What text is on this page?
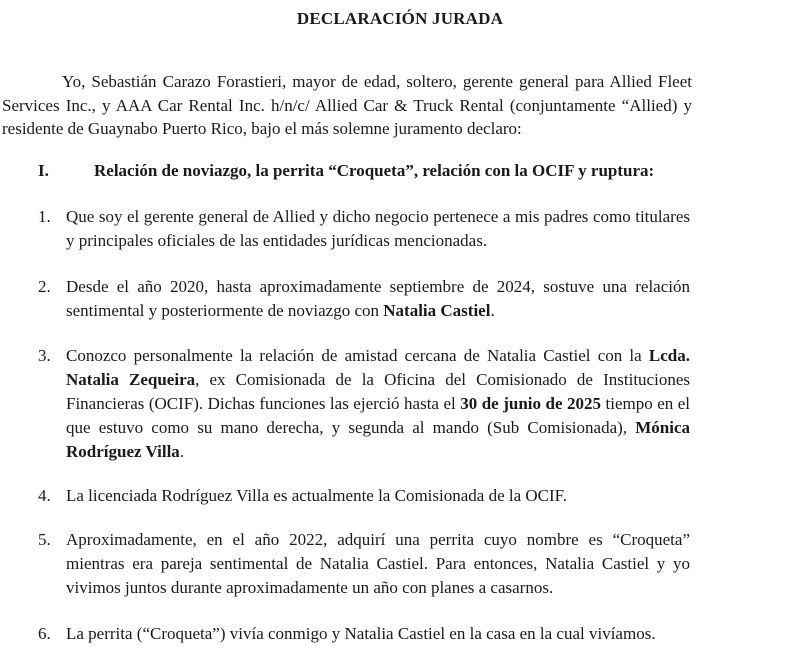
DECLARACIÓN JURADA
Yo, Sebastián Carazo Forastieri, mayor de edad, soltero, gerente general para Allied Fleet Services Inc., y AAA Car Rental Inc. h/n/c/ Allied Car & Truck Rental (conjuntamente “Allied) y residente de Guaynabo Puerto Rico, bajo el más solemne juramento declaro:
I.	Relación de noviazgo, la perrita “Croqueta”, relación con la OCIF y ruptura:
1. Que soy el gerente general de Allied y dicho negocio pertenece a mis padres como titulares y principales oficiales de las entidades jurídicas mencionadas.
2. Desde el año 2020, hasta aproximadamente septiembre de 2024, sostuve una relación sentimental y posteriormente de noviazgo con Natalia Castiel.
3. Conozco personalmente la relación de amistad cercana de Natalia Castiel con la Lcda. Natalia Zequeira, ex Comisionada de la Oficina del Comisionado de Instituciones Financieras (OCIF). Dichas funciones las ejerció hasta el 30 de junio de 2025 tiempo en el que estuvo como su mano derecha, y segunda al mando (Sub Comisionada), Mónica Rodríguez Villa.
4. La licenciada Rodríguez Villa es actualmente la Comisionada de la OCIF.
5. Aproximadamente, en el año 2022, adquirí una perrita cuyo nombre es “Croqueta” mientras era pareja sentimental de Natalia Castiel. Para entonces, Natalia Castiel y yo vivimos juntos durante aproximadamente un año con planes a casarnos.
6. La perrita (“Croqueta”) vivía conmigo y Natalia Castiel en la casa en la cual vivíamos.
